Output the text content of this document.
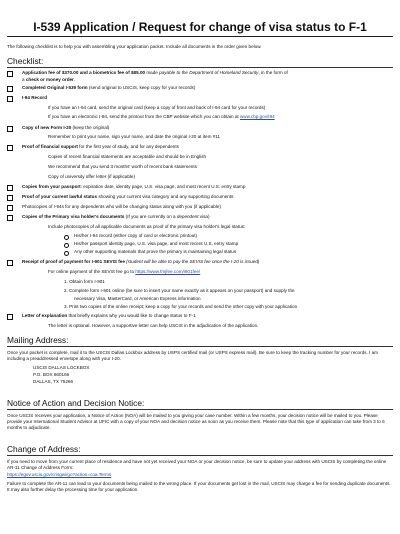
I-539 Application / Request for change of visa status to F-1
The following checklist is to help you with assembling your application packet. Include all documents in the order given below.
Checklist:
Application fee of $370.00 and a biometrics fee of $85.00 made payable to the Department of Homeland Security, in the form of
a check or money order.
Completed Original I-539 form (send original to USCIS, keep copy for your records)
I-94 Record
If you have an I-94 card, send the original card (keep a copy of front and back of I-94 card for your records)
If you have an electronic I-94, send the printout from the CBP website which you can obtain at www.cbp.gov/I94
Copy of new Form I-20 (keep the original)
Remember to print your name, sign your name, and date the original I-20 at item #11
Proof of financial support for the first year of study, and for any dependents
Copies of recent financial statements are acceptable and should be in English
We recommend that you send 3 months' worth of recent bank statements
Copy of university offer letter (if applicable)
Copies from your passport: expiration date, identity page, U.S. visa page, and most recent U.S. entry stamp
Proof of your current lawful status showing your current visa category and any supporting documents
Photocopies of I-94s for any dependents who will be changing status along with you (if applicable)
Copies of the Primary visa holder's documents (If you are currently on a dependent visa)
Include photocopies of all applicable documents as proof of the primary visa holder's legal status:
His/her I-94 record (either copy of card or electronic printout)
His/her passport identity page, U.S. visa page, and most recent U.S. entry stamp
Any other supporting materials that prove the primary is maintaining legal status
Receipt of proof of payment for I-901 SEVIS fee (student will be able to pay the SEVIS fee once the I-20 is issued)
For online payment of the SEVIS fee go to https://www.fmjfee.com/i901fee/
1. Obtain form I-901
2. Complete form I-901 online (be sure to insert your name exactly as it appears on your passport) and supply the
necessary Visa, MasterCard, or American Express information
3. Print two copies of the online receipt; keep a copy for your records and send the other copy with your application
Letter of explanation that briefly explains why you would like to change status to F-1
The letter is optional. However, a supportive letter can help USCIS in the adjudication of the application.
Mailing Address:
Once your packet is complete, mail it to the USCIS Dallas Lockbox address by USPS certified mail (or USPS express mail). Be sure to keep the tracking number for your records. I am including a preaddressed envelope along with your I-20.
USCIS DALLAS LOCKBOX
P.O. BOX 660166
DALLAS, TX 75266
Notice of Action and Decision Notice:
Once USCIS receives your application, a Notice of Action (NOA) will be mailed to you giving your case number. Within a few months, your decision notice will be mailed to you. Please provide your International Student Advisor at UFIC with a copy of your NOA and decision notice as soon as you receive them. Please note that this type of application can take from 3 to 6 months to adjudicate.
Change of Address:
If you need to move from your current place of residence and have not yet received your NOA or your decision notice, be sure to update your address with USCIS by completing the online AR-11 Change of Address Form:
https://egov.uscis.gov/crisgwi/go?action=coa.Terms
Failure to complete the AR-11 can lead to your documents being mailed to the wrong place. If your documents get lost in the mail, USCIS may charge a fee for sending duplicate documents. It may also further delay the processing time for your application.
